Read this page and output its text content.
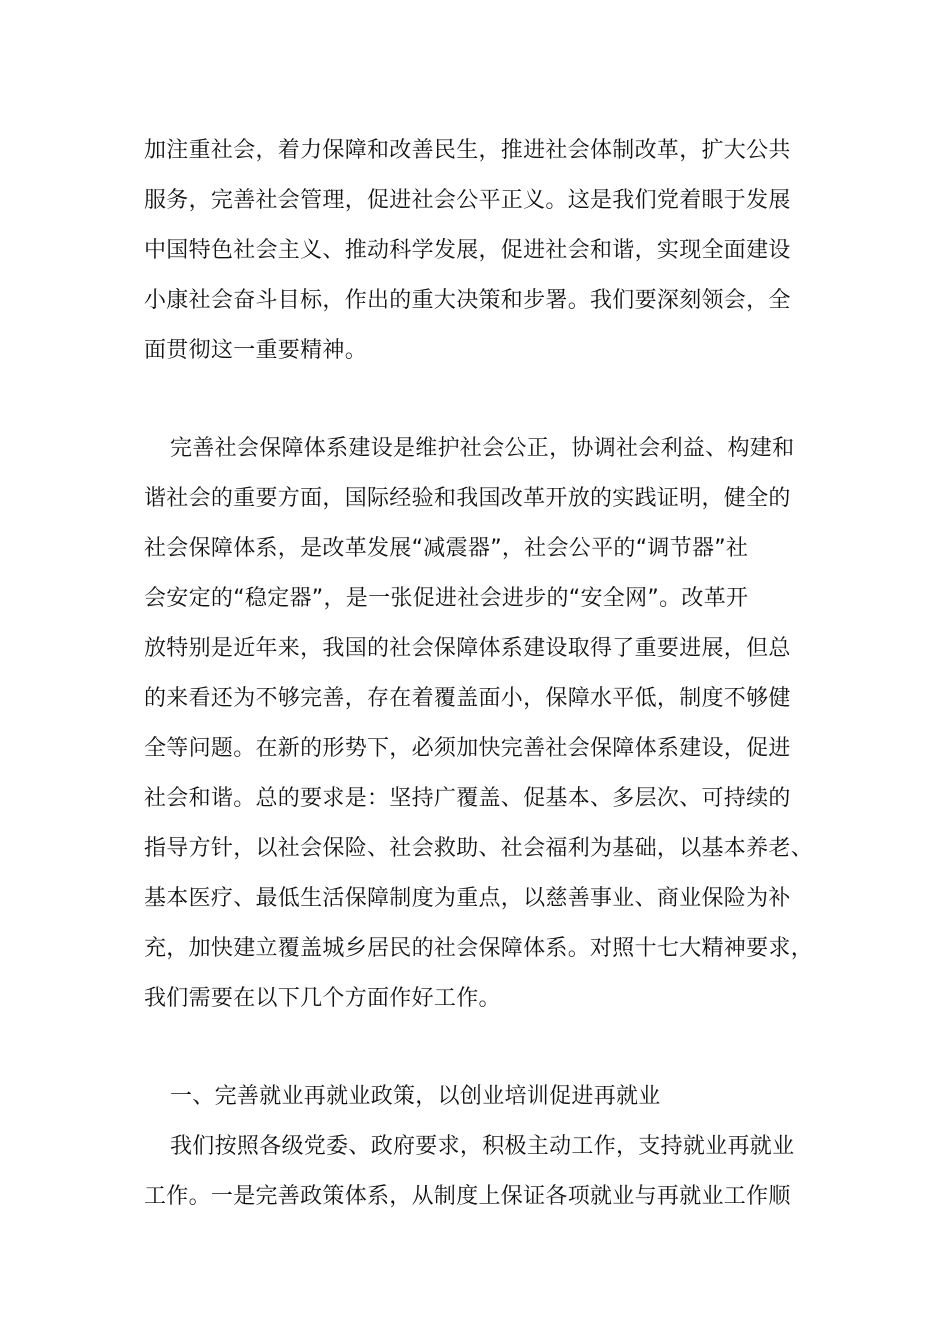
加注重社会，着力保障和改善民生，推进社会体制改革，扩大公共
服务，完善社会管理，促进社会公平正义。这是我们党着眼于发展
中国特色社会主义、推动科学发展，促进社会和谐，实现全面建设
小康社会奋斗目标，作出的重大决策和步署。我们要深刻领会，全
面贯彻这一重要精神。
完善社会保障体系建设是维护社会公正，协调社会利益、构建和
谐社会的重要方面，国际经验和我国改革开放的实践证明，健全的
社会保障体系，是改革发展“减震器”，社会公平的“调节器”社
会安定的“稳定器”，是一张促进社会进步的“安全网”。改革开
放特别是近年来，我国的社会保障体系建设取得了重要进展，但总
的来看还为不够完善，存在着覆盖面小，保障水平低，制度不够健
全等问题。在新的形势下，必须加快完善社会保障体系建设，促进
社会和谐。总的要求是：坚持广覆盖、促基本、多层次、可持续的
指导方针，以社会保险、社会救助、社会福利为基础，以基本养老、
基本医疗、最低生活保障制度为重点，以慈善事业、商业保险为补
充，加快建立覆盖城乡居民的社会保障体系。对照十七大精神要求，
我们需要在以下几个方面作好工作。
一、完善就业再就业政策，以创业培训促进再就业
我们按照各级党委、政府要求，积极主动工作，支持就业再就业
工作。一是完善政策体系，从制度上保证各项就业与再就业工作顺
